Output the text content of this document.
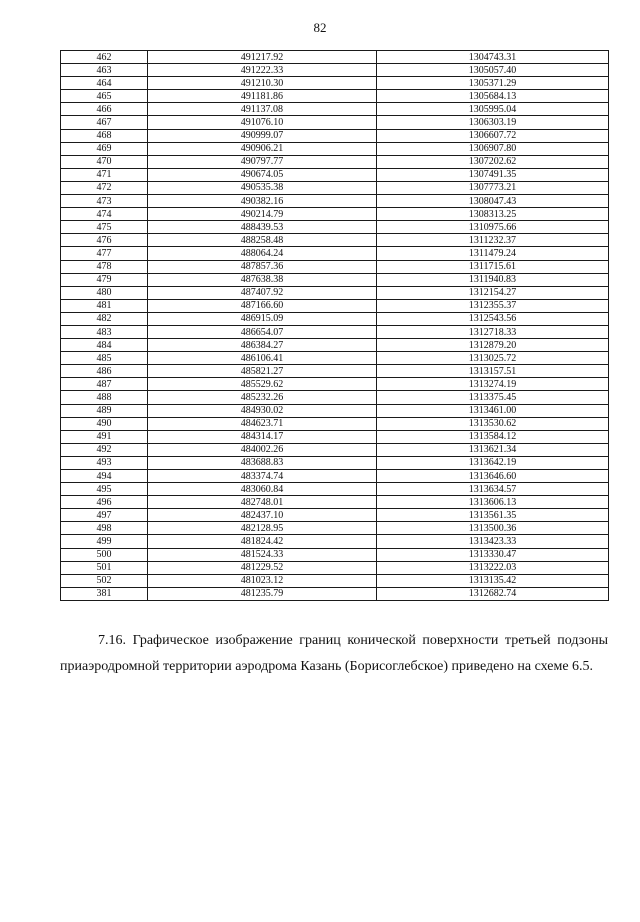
82
462	491217.92	1304743.31
463	491222.33	1305057.40
464	491210.30	1305371.29
465	491181.86	1305684.13
466	491137.08	1305995.04
467	491076.10	1306303.19
468	490999.07	1306607.72
469	490906.21	1306907.80
470	490797.77	1307202.62
471	490674.05	1307491.35
472	490535.38	1307773.21
473	490382.16	1308047.43
474	490214.79	1308313.25
475	488439.53	1310975.66
476	488258.48	1311232.37
477	488064.24	1311479.24
478	487857.36	1311715.61
479	487638.38	1311940.83
480	487407.92	1312154.27
481	487166.60	1312355.37
482	486915.09	1312543.56
483	486654.07	1312718.33
484	486384.27	1312879.20
485	486106.41	1313025.72
486	485821.27	1313157.51
487	485529.62	1313274.19
488	485232.26	1313375.45
489	484930.02	1313461.00
490	484623.71	1313530.62
491	484314.17	1313584.12
492	484002.26	1313621.34
493	483688.83	1313642.19
494	483374.74	1313646.60
495	483060.84	1313634.57
496	482748.01	1313606.13
497	482437.10	1313561.35
498	482128.95	1313500.36
499	481824.42	1313423.33
500	481524.33	1313330.47
501	481229.52	1313222.03
502	481023.12	1313135.42
381	481235.79	1312682.74
7.16. Графическое изображение границ конической поверхности третьей подзоны приаэродромной территории аэродрома Казань (Борисоглебское) приведено на схеме 6.5.
